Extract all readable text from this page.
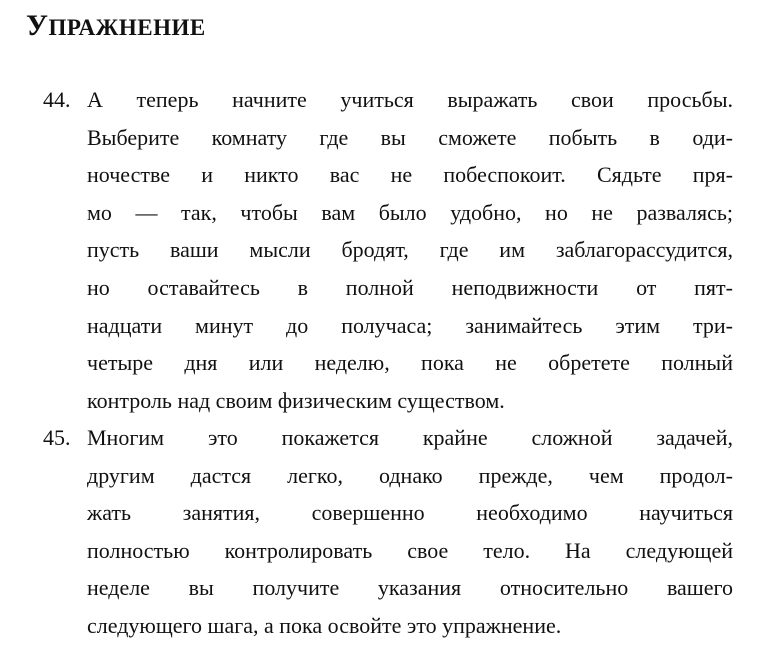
УПРАЖНЕНИЕ
44. А теперь начните учиться выражать свои просьбы.
Выберите комнату где вы сможете побыть в оди-
ночестве и никто вас не побеспокоит. Сядьте пря-
мо — так, чтобы вам было удобно, но не развалясь;
пусть ваши мысли бродят, где им заблагорассудится,
но оставайтесь в полной неподвижности от пят-
надцати минут до получаса; занимайтесь этим три-
четыре дня или неделю, пока не обретете полный
контроль над своим физическим существом.
45. Многим это покажется крайне сложной задачей,
другим дастся легко, однако прежде, чем продол-
жать занятия, совершенно необходимо научиться
полностью контролировать свое тело. На следующей
неделе вы получите указания относительно вашего
следующего шага, а пока освойте это упражнение.
